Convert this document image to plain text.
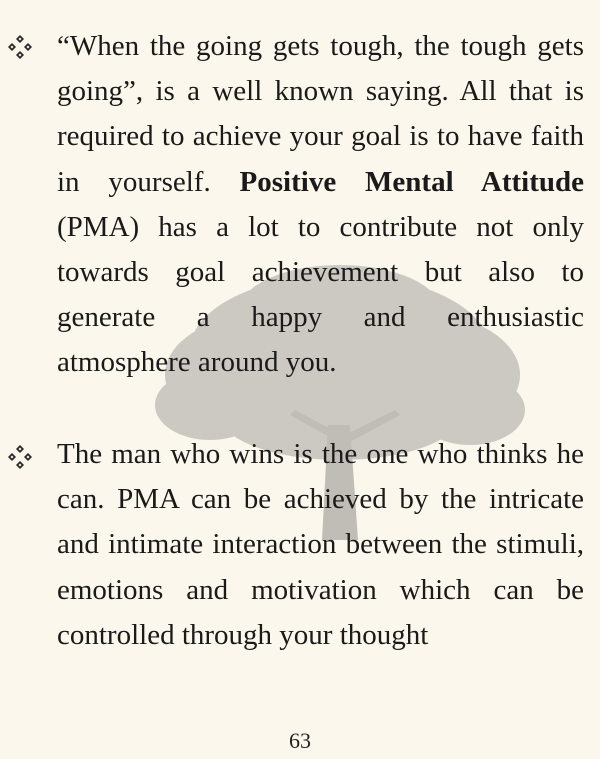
“When the going gets tough, the tough gets going”, is a well known saying. All that is required to achieve your goal is to have faith in yourself. Positive Mental Attitude (PMA) has a lot to contribute not only towards goal achievement but also to generate a happy and enthusiastic atmosphere around you.

The man who wins is the one who thinks he can. PMA can be achieved by the intricate and intimate interaction between the stimuli, emotions and motivation which can be controlled through your thought

63
